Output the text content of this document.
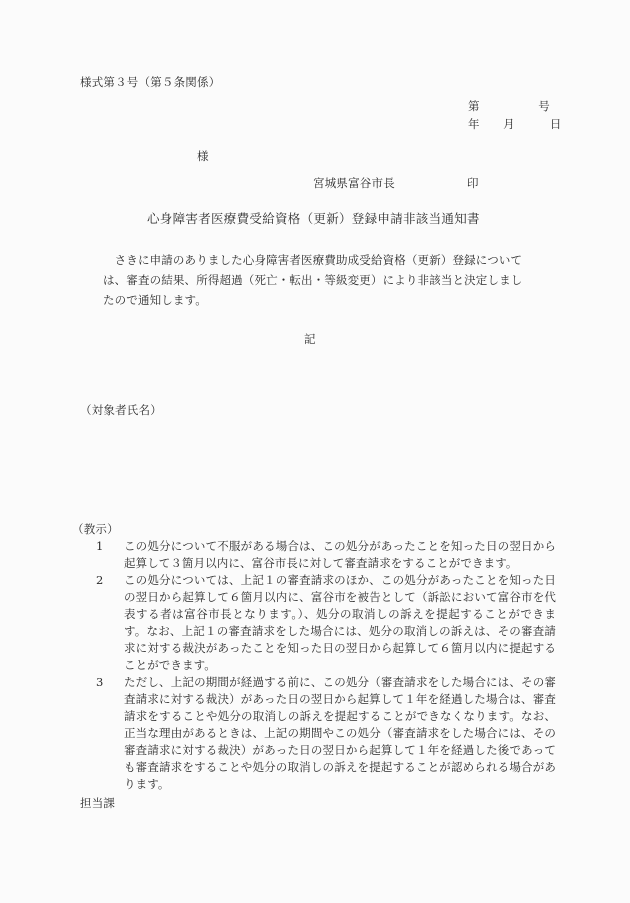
様式第３号（第５条関係）
第　　　　　号
年　　月　　　日
様
宮城県富谷市長	印
心身障害者医療費受給資格（更新）登録申請非該当通知書

　さきに申請のありました心身障害者医療費助成受給資格（更新）登録については、審査の結果、所得超過（死亡・転出・等級変更）により非該当と決定しましたので通知します。

記
（対象者氏名）
（教示）
1	この処分について不服がある場合は、この処分があったことを知った日の翌日から起算して３箇月以内に、富谷市長に対して審査請求をすることができます。
2	この処分については、上記１の審査請求のほか、この処分があったことを知った日の翌日から起算して６箇月以内に、富谷市を被告として（訴訟において富谷市を代表する者は富谷市長となります。）、処分の取消しの訴えを提起することができます。なお、上記１の審査請求をした場合には、処分の取消しの訴えは、その審査請求に対する裁決があったことを知った日の翌日から起算して６箇月以内に提起することができます。
3	ただし、上記の期間が経過する前に、この処分（審査請求をした場合には、その審査請求に対する裁決）があった日の翌日から起算して１年を経過した場合は、審査請求をすることや処分の取消しの訴えを提起することができなくなります。なお、正当な理由があるときは、上記の期間やこの処分（審査請求をした場合には、その審査請求に対する裁決）があった日の翌日から起算して１年を経過した後であっても審査請求をすることや処分の取消しの訴えを提起することが認められる場合があります。
担当課
